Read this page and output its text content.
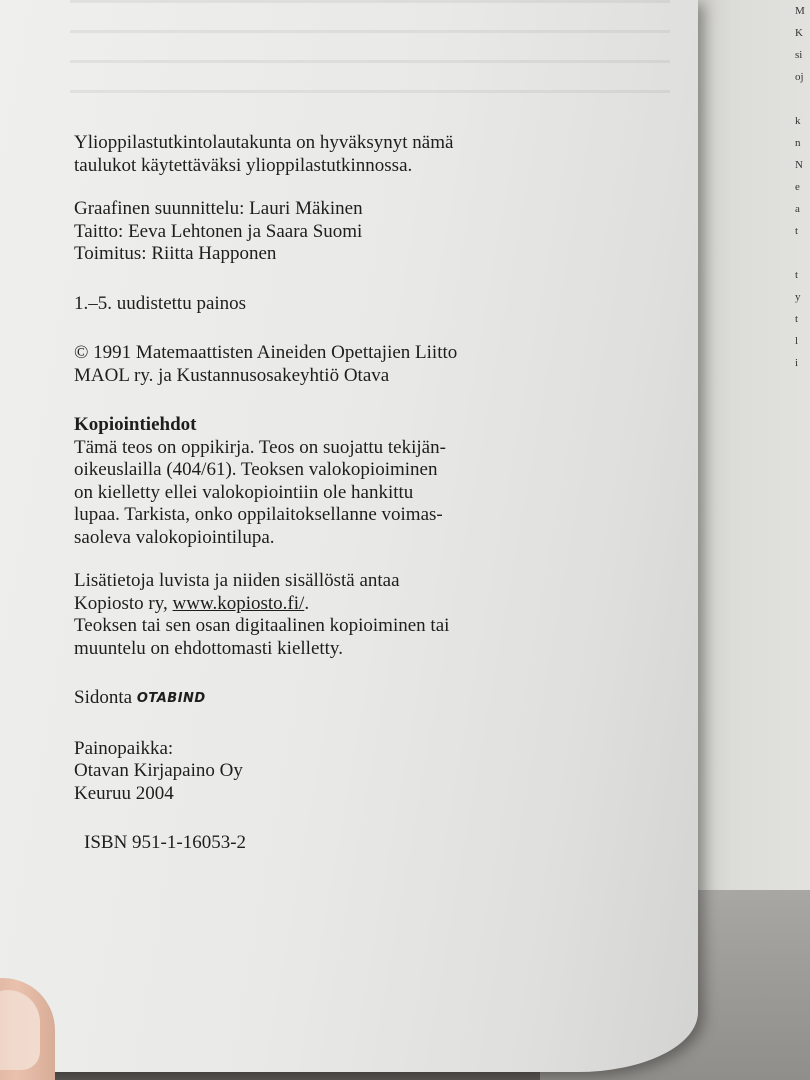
M
K
si
oj

k
n
N
e
a
t

t
y
t
l
i
Ylioppilastutkintolautakunta on hyväksynyt nämä
taulukot käytettäväksi ylioppilastutkinnossa.
Graafinen suunnittelu: Lauri Mäkinen
Taitto: Eeva Lehtonen ja Saara Suomi
Toimitus: Riitta Happonen
1.–5. uudistettu painos
© 1991 Matemaattisten Aineiden Opettajien Liitto
MAOL ry. ja Kustannusosakeyhtiö Otava
Kopiointiehdot
Tämä teos on oppikirja. Teos on suojattu tekijän-
oikeuslailla (404/61). Teoksen valokopioiminen
on kielletty ellei valokopiointiin ole hankittu
lupaa. Tarkista, onko oppilaitoksellanne voimas-
saoleva valokopiointilupa.
Lisätietoja luvista ja niiden sisällöstä antaa
Kopiosto ry, www.kopiosto.fi/.
Teoksen tai sen osan digitaalinen kopioiminen tai
muuntelu on ehdottomasti kielletty.
Sidonta OTABIND
Painopaikka:
Otavan Kirjapaino Oy
Keuruu 2004
ISBN 951-1-16053-2
